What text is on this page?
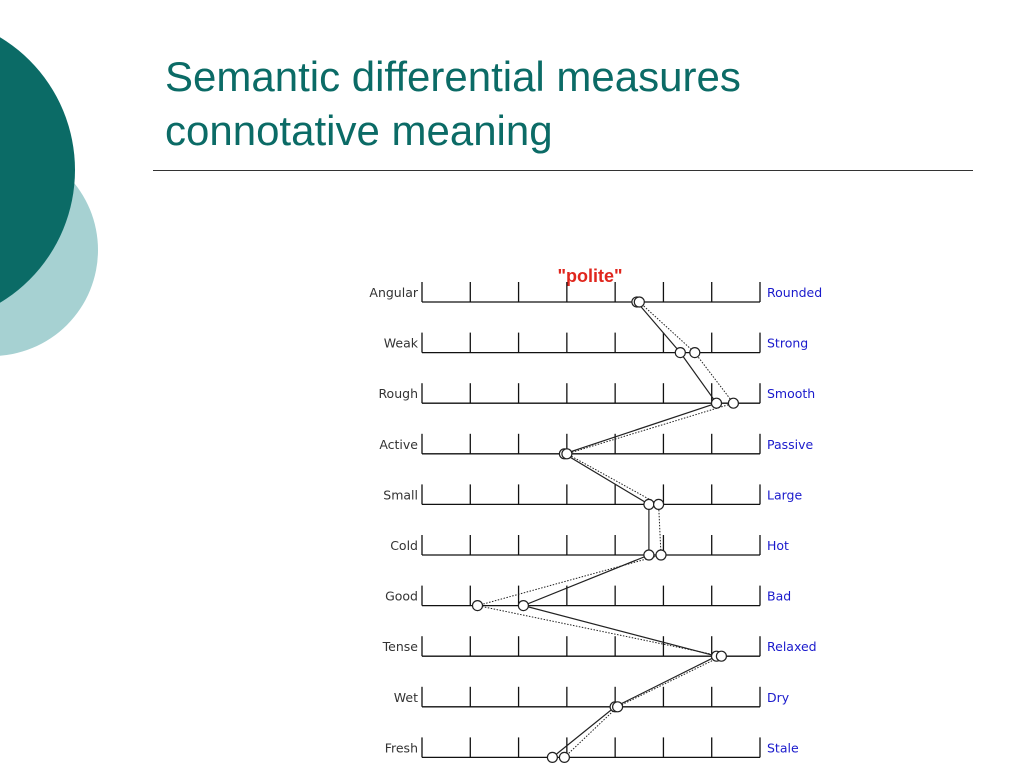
Semantic differential measures
connotative meaning
"polite"
Angular	Rounded
Weak	Strong
Rough	Smooth
Active	Passive
Small	Large
Cold	Hot
Good	Bad
Tense	Relaxed
Wet	Dry
Fresh	Stale
